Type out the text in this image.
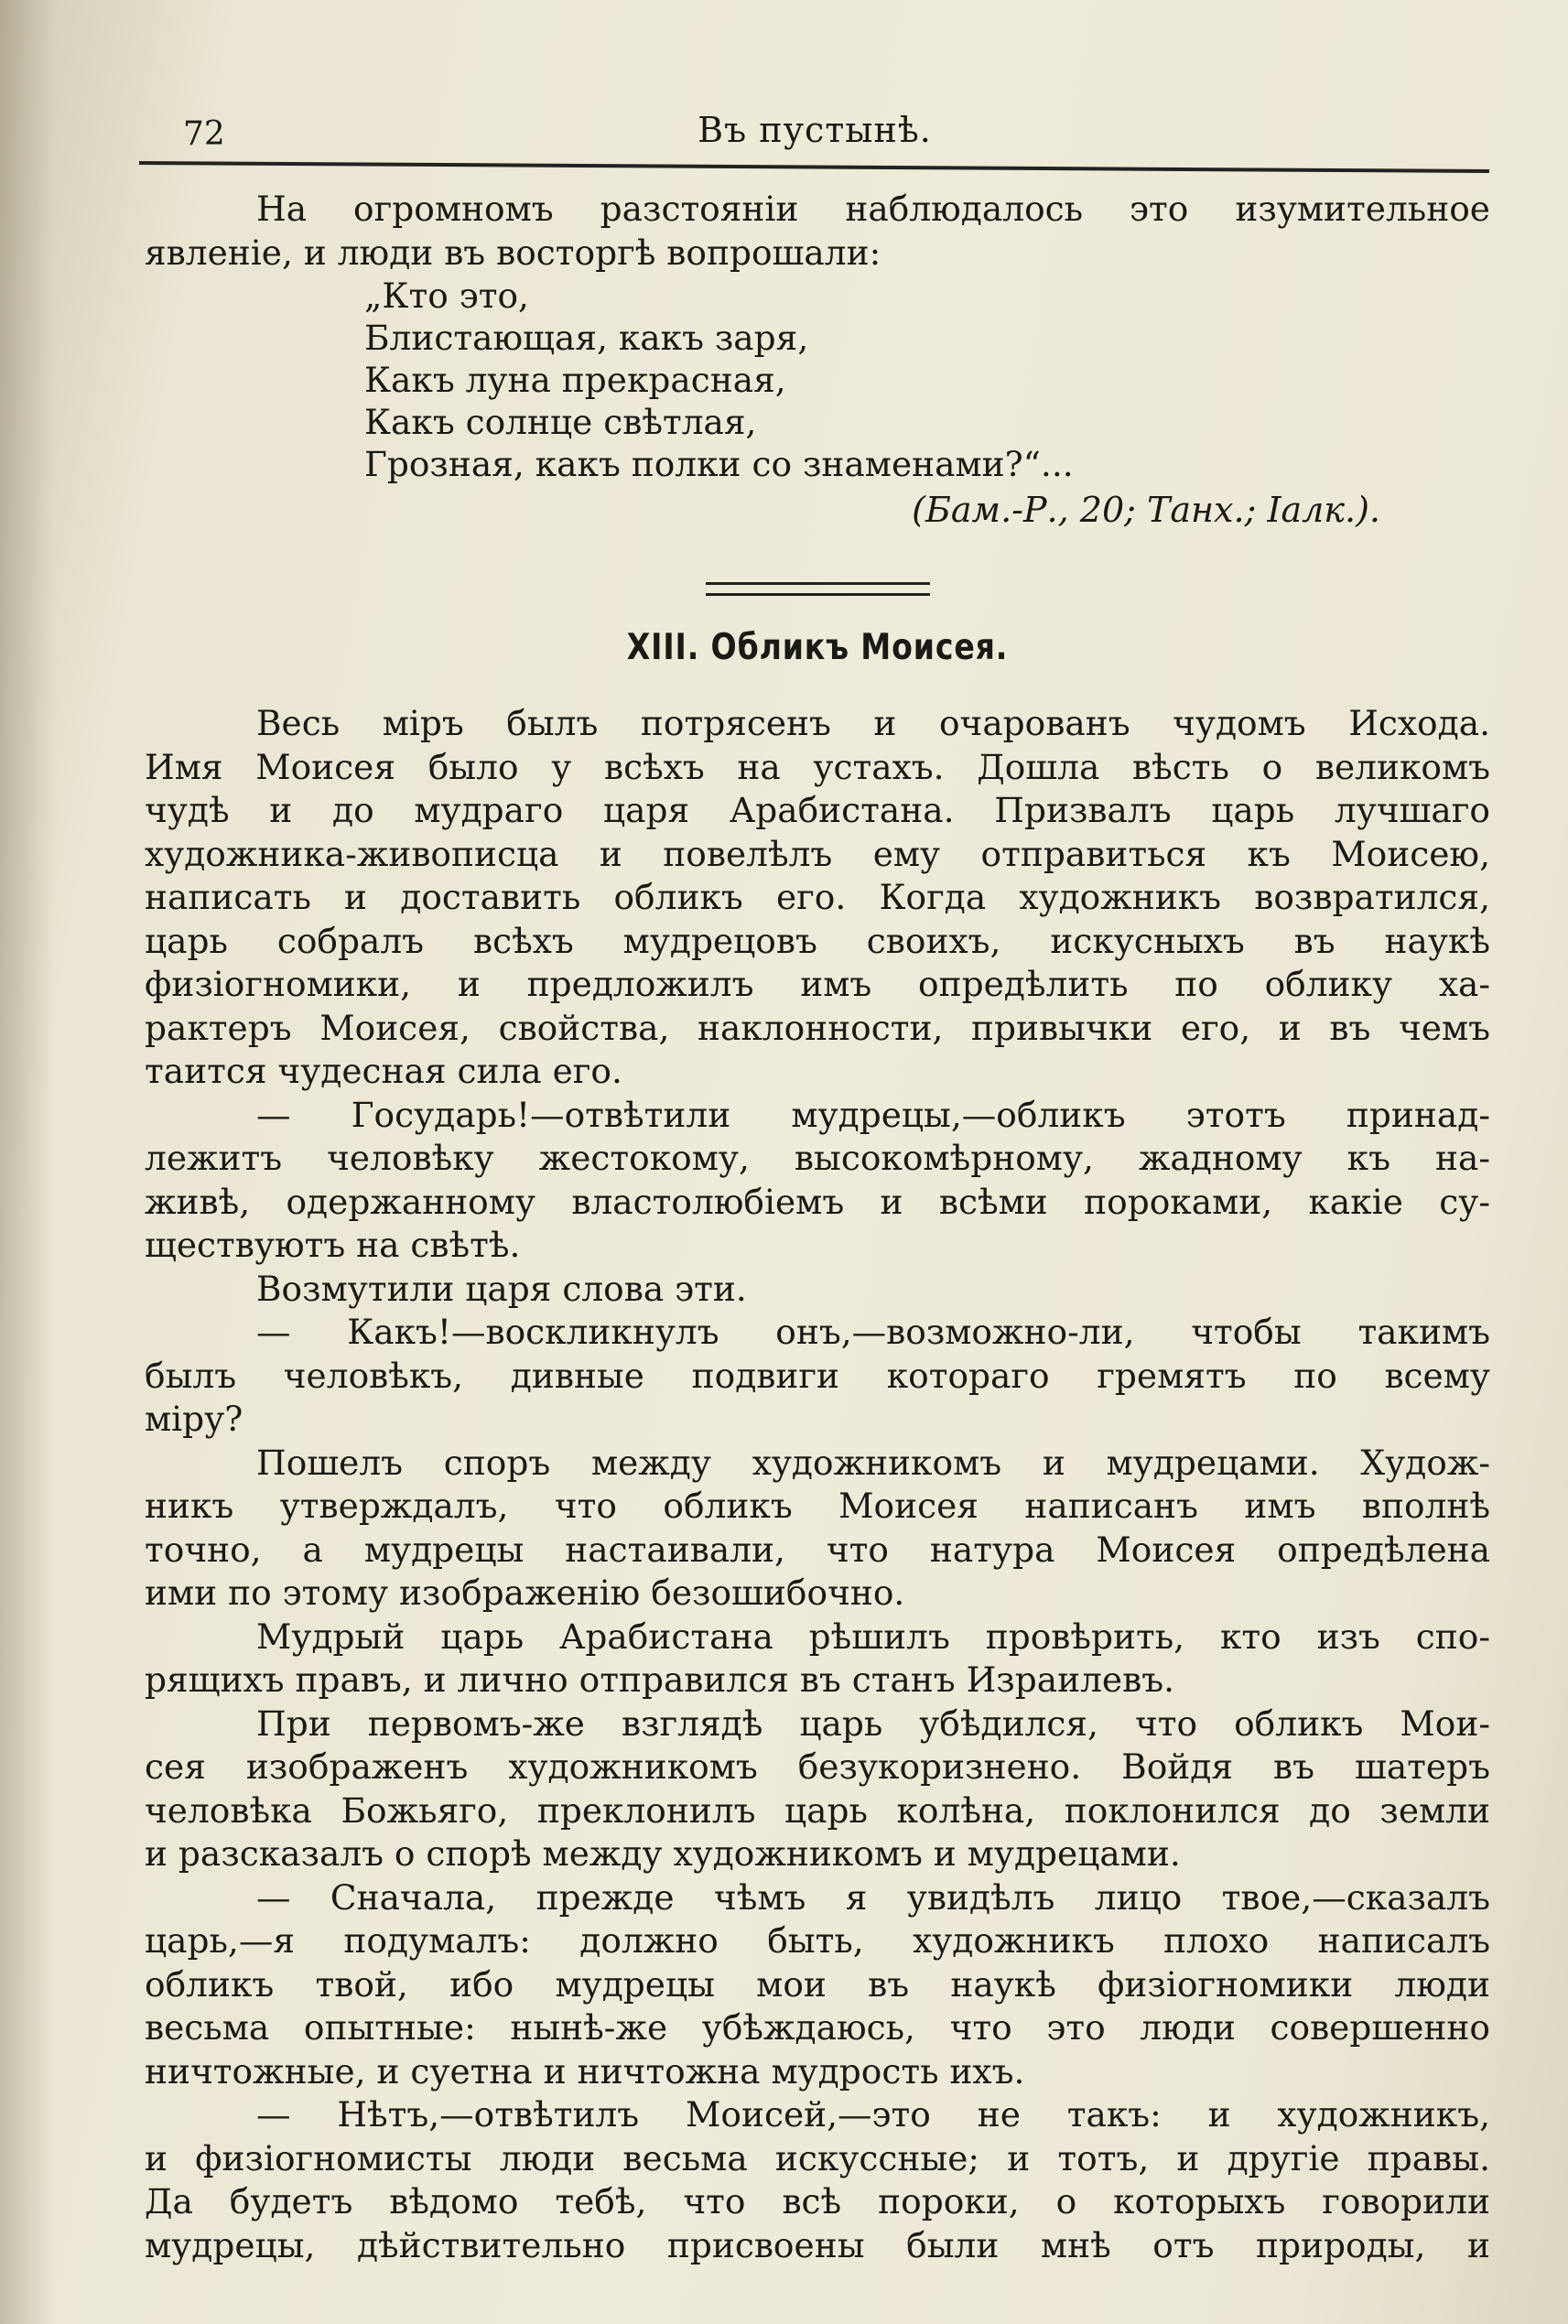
72	Въ пустынѣ.
На огромномъ разстояніи наблюдалось это изумительное
явленіе, и люди въ восторгѣ вопрошали:
„Кто это,
Блистающая, какъ заря,
Какъ луна прекрасная,
Какъ солнце свѣтлая,
Грозная, какъ полки со знаменами?“...
(Бам.-Р., 20; Танх.; Іалк.).
XIII. Обликъ Моисея.
Весь міръ былъ потрясенъ и очарованъ чудомъ Исхода.
Имя Моисея было у всѣхъ на устахъ. Дошла вѣсть о великомъ
чудѣ и до мудраго царя Арабистана. Призвалъ царь лучшаго
художника-живописца и повелѣлъ ему отправиться къ Моисею,
написать и доставить обликъ его. Когда художникъ возвратился,
царь собралъ всѣхъ мудрецовъ своихъ, искусныхъ въ наукѣ
физіогномики, и предложилъ имъ опредѣлить по облику ха-
рактеръ Моисея, свойства, наклонности, привычки его, и въ чемъ
таится чудесная сила его.
— Государь!—отвѣтили мудрецы,—обликъ этотъ принад-
лежитъ человѣку жестокому, высокомѣрному, жадному къ на-
живѣ, одержанному властолюбіемъ и всѣми пороками, какіе су-
ществуютъ на свѣтѣ.
Возмутили царя слова эти.
— Какъ!—воскликнулъ онъ,—возможно-ли, чтобы такимъ
былъ человѣкъ, дивные подвиги котораго гремятъ по всему
міру?
Пошелъ споръ между художникомъ и мудрецами. Худож-
никъ утверждалъ, что обликъ Моисея написанъ имъ вполнѣ
точно, а мудрецы настаивали, что натура Моисея опредѣлена
ими по этому изображенію безошибочно.
Мудрый царь Арабистана рѣшилъ провѣрить, кто изъ спо-
рящихъ правъ, и лично отправился въ станъ Израилевъ.
При первомъ-же взглядѣ царь убѣдился, что обликъ Мои-
сея изображенъ художникомъ безукоризнено. Войдя въ шатеръ
человѣка Божьяго, преклонилъ царь колѣна, поклонился до земли
и разсказалъ о спорѣ между художникомъ и мудрецами.
— Сначала, прежде чѣмъ я увидѣлъ лицо твое,—сказалъ
царь,—я подумалъ: должно быть, художникъ плохо написалъ
обликъ твой, ибо мудрецы мои въ наукѣ физіогномики люди
весьма опытные: нынѣ-же убѣждаюсь, что это люди совершенно
ничтожные, и суетна и ничтожна мудрость ихъ.
— Нѣтъ,—отвѣтилъ Моисей,—это не такъ: и художникъ,
и физіогномисты люди весьма искуссные; и тотъ, и другіе правы.
Да будетъ вѣдомо тебѣ, что всѣ пороки, о которыхъ говорили
мудрецы, дѣйствительно присвоены были мнѣ отъ природы, и
